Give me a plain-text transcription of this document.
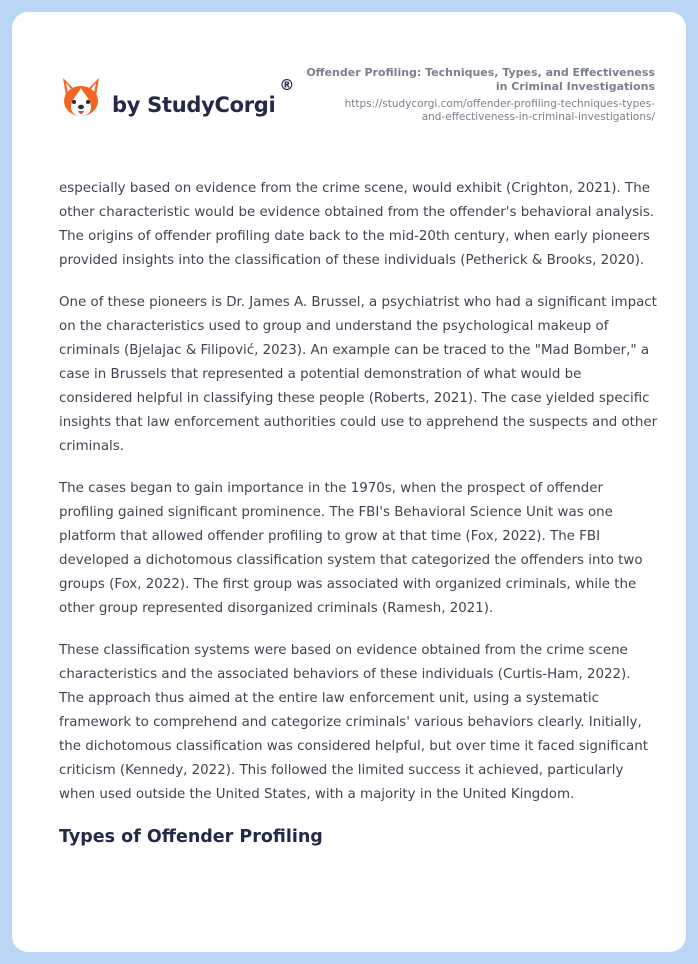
by StudyCorgi
®
Offender Profiling: Techniques, Types, and Effectiveness
in Criminal Investigations
https://studycorgi.com/offender-profiling-techniques-types-
and-effectiveness-in-criminal-investigations/

especially based on evidence from the crime scene, would exhibit (Crighton, 2021). The other characteristic would be evidence obtained from the offender's behavioral analysis. The origins of offender profiling date back to the mid-20th century, when early pioneers provided insights into the classification of these individuals (Petherick & Brooks, 2020).

One of these pioneers is Dr. James A. Brussel, a psychiatrist who had a significant impact on the characteristics used to group and understand the psychological makeup of criminals (Bjelajac & Filipović, 2023). An example can be traced to the "Mad Bomber," a case in Brussels that represented a potential demonstration of what would be considered helpful in classifying these people (Roberts, 2021). The case yielded specific insights that law enforcement authorities could use to apprehend the suspects and other criminals.

The cases began to gain importance in the 1970s, when the prospect of offender profiling gained significant prominence. The FBI's Behavioral Science Unit was one platform that allowed offender profiling to grow at that time (Fox, 2022). The FBI developed a dichotomous classification system that categorized the offenders into two groups (Fox, 2022). The first group was associated with organized criminals, while the other group represented disorganized criminals (Ramesh, 2021).

These classification systems were based on evidence obtained from the crime scene characteristics and the associated behaviors of these individuals (Curtis-Ham, 2022). The approach thus aimed at the entire law enforcement unit, using a systematic framework to comprehend and categorize criminals' various behaviors clearly. Initially, the dichotomous classification was considered helpful, but over time it faced significant criticism (Kennedy, 2022). This followed the limited success it achieved, particularly when used outside the United States, with a majority in the United Kingdom.

Types of Offender Profiling
